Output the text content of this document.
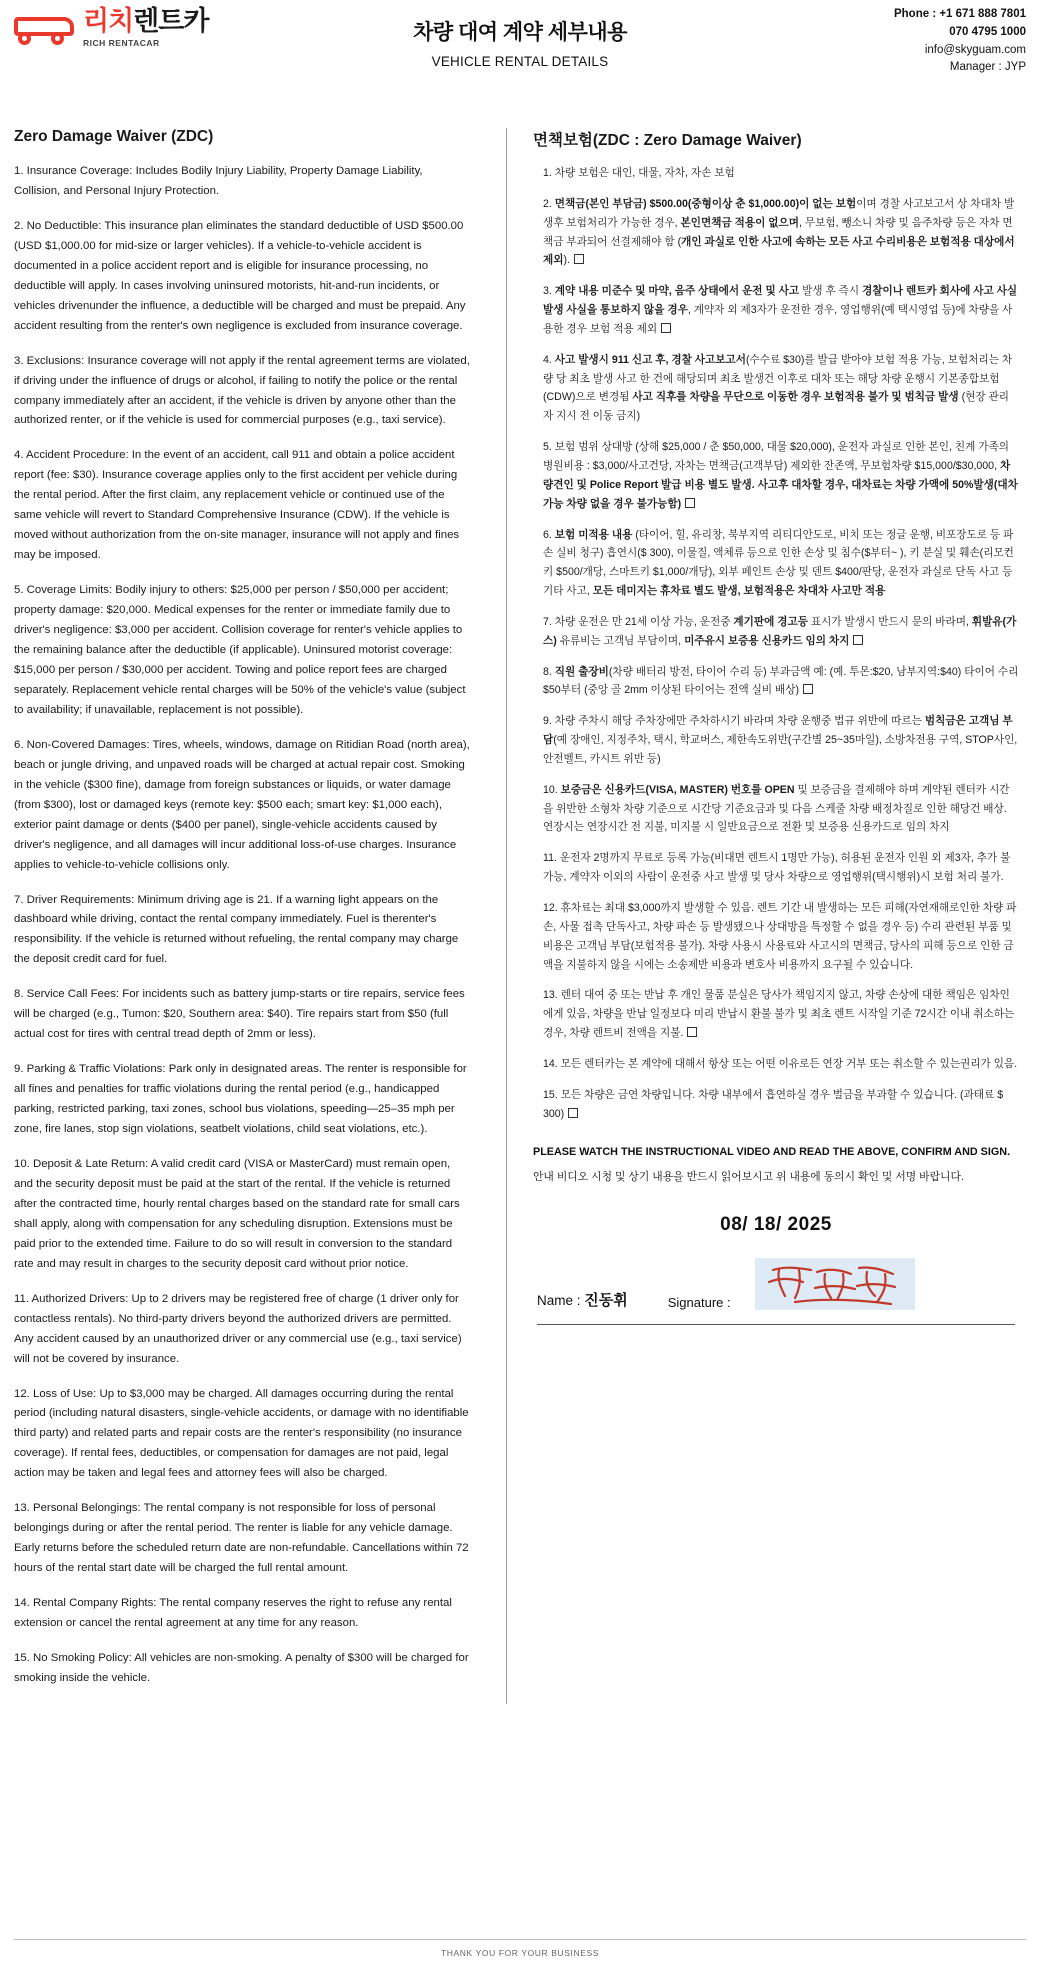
리치렌트카
RICH RENTACAR	차량 대여 계약 세부내용
VEHICLE RENTAL DETAILS
Phone : +1 671 888 7801
070 4795 1000
info@skyguam.com
Manager : JYP
Zero Damage Waiver (ZDC)

1. Insurance Coverage: Includes Bodily Injury Liability, Property Damage Liability, Collision, and Personal Injury Protection.

2. No Deductible: This insurance plan eliminates the standard deductible of USD $500.00 (USD $1,000.00 for mid-size or larger vehicles). If a vehicle-to-vehicle accident is documented in a police accident report and is eligible for insurance processing, no deductible will apply. In cases involving uninsured motorists, hit-and-run incidents, or vehicles drivenunder the influence, a deductible will be charged and must be prepaid. Any accident resulting from the renter's own negligence is excluded from insurance coverage.

3. Exclusions: Insurance coverage will not apply if the rental agreement terms are violated, if driving under the influence of drugs or alcohol, if failing to notify the police or the rental company immediately after an accident, if the vehicle is driven by anyone other than the authorized renter, or if the vehicle is used for commercial purposes (e.g., taxi service).

4. Accident Procedure: In the event of an accident, call 911 and obtain a police accident report (fee: $30). Insurance coverage applies only to the first accident per vehicle during the rental period. After the first claim, any replacement vehicle or continued use of the same vehicle will revert to Standard Comprehensive Insurance (CDW). If the vehicle is moved without authorization from the on-site manager, insurance will not apply and fines may be imposed.

5. Coverage Limits: Bodily injury to others: $25,000 per person / $50,000 per accident; property damage: $20,000. Medical expenses for the renter or immediate family due to driver's negligence: $3,000 per accident. Collision coverage for renter's vehicle applies to the remaining balance after the deductible (if applicable). Uninsured motorist coverage: $15,000 per person / $30,000 per accident. Towing and police report fees are charged separately. Replacement vehicle rental charges will be 50% of the vehicle's value (subject to availability; if unavailable, replacement is not possible).

6. Non-Covered Damages: Tires, wheels, windows, damage on Ritidian Road (north area), beach or jungle driving, and unpaved roads will be charged at actual repair cost. Smoking in the vehicle ($300 fine), damage from foreign substances or liquids, or water damage (from $300), lost or damaged keys (remote key: $500 each; smart key: $1,000 each), exterior paint damage or dents ($400 per panel), single-vehicle accidents caused by driver's negligence, and all damages will incur additional loss-of-use charges. Insurance applies to vehicle-to-vehicle collisions only.

7. Driver Requirements: Minimum driving age is 21. If a warning light appears on the dashboard while driving, contact the rental company immediately. Fuel is therenter's responsibility. If the vehicle is returned without refueling, the rental company may charge the deposit credit card for fuel.

8. Service Call Fees: For incidents such as battery jump-starts or tire repairs, service fees will be charged (e.g., Tumon: $20, Southern area: $40). Tire repairs start from $50 (full actual cost for tires with central tread depth of 2mm or less).

9. Parking & Traffic Violations: Park only in designated areas. The renter is responsible for all fines and penalties for traffic violations during the rental period (e.g., handicapped parking, restricted parking, taxi zones, school bus violations, speeding—25–35 mph per zone, fire lanes, stop sign violations, seatbelt violations, child seat violations, etc.).

10. Deposit & Late Return: A valid credit card (VISA or MasterCard) must remain open, and the security deposit must be paid at the start of the rental. If the vehicle is returned after the contracted time, hourly rental charges based on the standard rate for small cars shall apply, along with compensation for any scheduling disruption. Extensions must be paid prior to the extended time. Failure to do so will result in conversion to the standard rate and may result in charges to the security deposit card without prior notice.

11. Authorized Drivers: Up to 2 drivers may be registered free of charge (1 driver only for contactless rentals). No third-party drivers beyond the authorized drivers are permitted. Any accident caused by an unauthorized driver or any commercial use (e.g., taxi service) will not be covered by insurance.

12. Loss of Use: Up to $3,000 may be charged. All damages occurring during the rental period (including natural disasters, single-vehicle accidents, or damage with no identifiable third party) and related parts and repair costs are the renter's responsibility (no insurance coverage). If rental fees, deductibles, or compensation for damages are not paid, legal action may be taken and legal fees and attorney fees will also be charged.

13. Personal Belongings: The rental company is not responsible for loss of personal belongings during or after the rental period. The renter is liable for any vehicle damage. Early returns before the scheduled return date are non-refundable. Cancellations within 72 hours of the rental start date will be charged the full rental amount.

14. Rental Company Rights: The rental company reserves the right to refuse any rental extension or cancel the rental agreement at any time for any reason.

15. No Smoking Policy: All vehicles are non-smoking. A penalty of $300 will be charged for smoking inside the vehicle.

면책보험(ZDC : Zero Damage Waiver)

1. 차량 보험은 대인, 대물, 자차, 자손 보험

2. 면책금(본인 부담금) $500.00(중형이상 춘 $1,000.00)이 없는 보험이며 경찰 사고보고서 상 차대차 발생후 보험처리가 가능한 경우, 본인면책금 적용이 없으며, 무보험, 뺑소니 차량 및 음주차량 등은 자차 면책금 부과되어 선결제해야 함 (개인 과실로 인한 사고에 속하는 모든 사고 수리비용은 보험적용 대상에서 제외).

3. 계약 내용 미준수 및 마약, 음주 상태에서 운전 및 사고 발생 후 즉시 경찰이나 렌트카 회사에 사고 사실 발생 사실을 통보하지 않을 경우, 계약자 외 제3자가 운전한 경우, 영업행위(예 택시영업 등)에 차량을 사용한 경우 보험 적용 제외

4. 사고 발생시 911 신고 후, 경찰 사고보고서(수수료 $30)를 발급 받아야 보험 적용 가능, 보험처리는 차량 당 최초 발생 사고 한 건에 해당되며 최초 발생건 이후로 대차 또는 해당 차량 운행시 기본종합보험(CDW)으로 변경됨 사고 직후를 차량을 무단으로 이동한 경우 보험적용 불가 및 범칙금 발생 (현장 관리자 지시 전 이동 금지)

5. 보험 범위 상대방 (상해 $25,000 / 춘 $50,000, 대물 $20,000), 운전자 과실로 인한 본인, 친계 가족의 병원비용 : $3,000/사고건당, 자차는 면책금(고객부담) 제외한 잔존액, 무보험차량 $15,000/$30,000, 차량견인 및 Police Report 발급 비용 별도 발생. 사고후 대차할 경우, 대차료는 차량 가액에 50%발생(대차 가능 차량 없을 경우 불가능함)

6. 보험 미적용 내용 (타이어, 힐, 유리창, 북부지역 리티디안도로, 비치 또는 정글 운행, 비포장도로 등 파손 실비 청구) 흡연시($ 300), 이물질, 액체류 등으로 인한 손상 및 침수($부터~ ), 키 분실 및 훼손(리모컨키 $500/개당, 스마트키 $1,000/개당), 외부 페인트 손상 및 덴트 $400/판당, 운전자 과실로 단독 사고 등 기타 사고, 모든 데미지는 휴차료 별도 발생, 보험적용은 차대차 사고만 적용

7. 차량 운전은 만 21세 이상 가능, 운전중 계기판에 경고등 표시가 발생시 반드시 문의 바라며, 휘발유(가스) 유류비는 고객님 부담이며, 미주유시 보증용 신용카드 임의 차지

8. 직원 출장비(차량 배터리 방전, 타이어 수리 등) 부과금액 예: (예. 투몬:$20, 남부지역:$40) 타이어 수리 $50부터 (중앙 골 2mm 이상된 타이어는 전액 실비 배상)

9. 차량 주차시 해당 주차장에만 주차하시기 바라며 차량 운행중 법규 위반에 따르는 범칙금은 고객님 부담(예 장애인, 지정주차, 택시, 학교버스, 제한속도위반(구간별 25~35마일), 소방차전용 구역, STOP사인, 안전벨트, 카시트 위반 등)

10. 보증금은 신용카드(VISA, MASTER) 번호를 OPEN 및 보증금을 결제해야 하며 계약된 렌터카 시간을 위반한 소형차 차량 기준으로 시간당 기준요금과 및 다음 스케줄 차량 배정차질로 인한 해당건 배상. 연장시는 연장시간 전 지불, 미지불 시 일반요금으로 전환 및 보증용 신용카드로 임의 차지

11. 운전자 2명까지 무료로 등록 가능(비대면 렌트시 1명만 가능), 허용된 운전자 인원 외 제3자, 추가 불가능, 계약자 이외의 사람이 운전중 사고 발생 및 당사 차량으로 영업행위(택시행위)시 보험 처리 불가.

12. 휴차료는 최대 $3,000까지 발생할 수 있음. 렌트 기간 내 발생하는 모든 피해(자연재해로인한 차량 파손, 사물 접촉 단독사고, 차량 파손 등 발생됐으나 상대방을 특정할 수 없을 경우 등) 수리 관련된 부품 및 비용은 고객님 부담(보험적용 불가). 차량 사용시 사용료와 사고시의 면책금, 당사의 피해 등으로 인한 금액을 지불하지 않을 시에는 소송제반 비용과 변호사 비용까지 요구될 수 있습니다.

13. 렌터 대여 중 또는 반납 후 개인 물품 분실은 당사가 책임지지 않고, 차량 손상에 대한 책임은 임차인에게 있음, 차량을 반납 일정보다 미리 반납시 환불 불가 및 최초 렌트 시작일 기준 72시간 이내 취소하는 경우, 차량 렌트비 전액을 지불.

14. 모든 렌터카는 본 계약에 대해서 항상 또는 어떤 이유로든 연장 거부 또는 취소할 수 있는권리가 있음.

15. 모든 차량은 금연 차량입니다. 차량 내부에서 흡연하실 경우 벌금을 부과할 수 있습니다. (과태료 $ 300)

PLEASE WATCH THE INSTRUCTIONAL VIDEO AND READ THE ABOVE, CONFIRM AND SIGN.
안내 비디오 시청 및 상기 내용을 반드시 읽어보시고 위 내용에 동의시 확인 및 서명 바랍니다.
08/ 18/ 2025
Name : 진동휘	Signature :
THANK YOU FOR YOUR BUSINESS
